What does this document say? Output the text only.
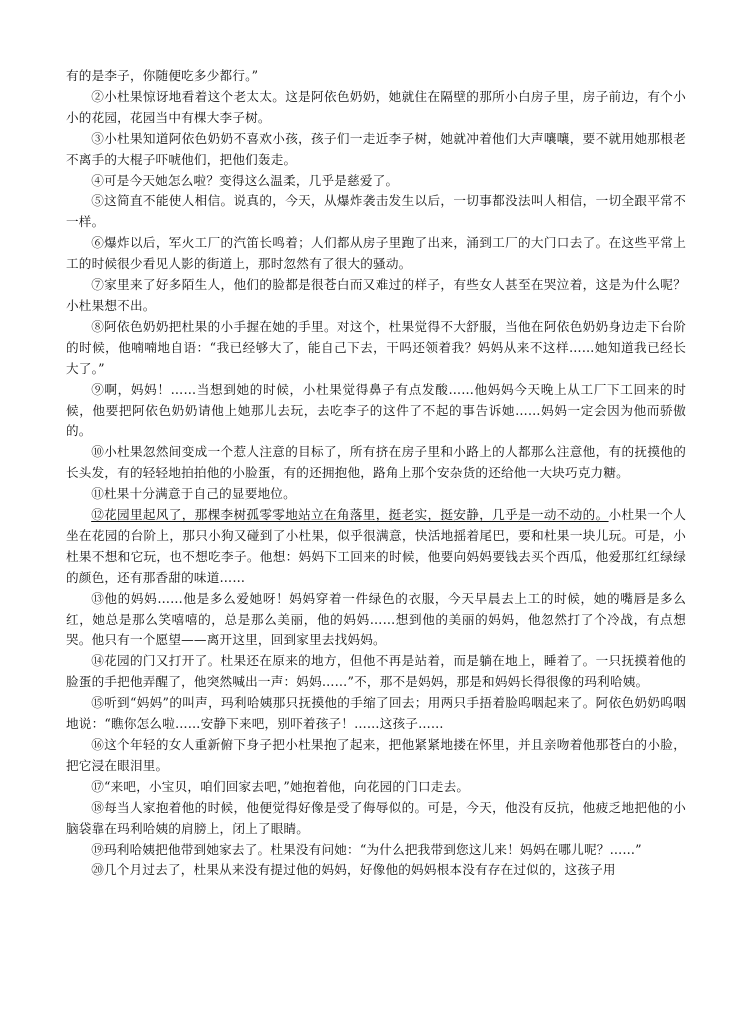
有的是李子，你随便吃多少都行。”

②小杜果惊讶地看着这个老太太。这是阿依色奶奶，她就住在隔壁的那所小白房子里，房子前边，有个小小的花园，花园当中有棵大李子树。

③小杜果知道阿依色奶奶不喜欢小孩，孩子们一走近李子树，她就冲着他们大声嚷嚷，要不就用她那根老不离手的大棍子吓唬他们，把他们轰走。

④可是今天她怎么啦？变得这么温柔，几乎是慈爱了。

⑤这简直不能使人相信。说真的，今天，从爆炸袭击发生以后，一切事都没法叫人相信，一切全跟平常不一样。

⑥爆炸以后，军火工厂的汽笛长鸣着；人们都从房子里跑了出来，涌到工厂的大门口去了。在这些平常上工的时候很少看见人影的街道上，那时忽然有了很大的骚动。

⑦家里来了好多陌生人，他们的脸都是很苍白而又难过的样子，有些女人甚至在哭泣着，这是为什么呢？小杜果想不出。

⑧阿依色奶奶把杜果的小手握在她的手里。对这个，杜果觉得不大舒服，当他在阿依色奶奶身边走下台阶的时候，他喃喃地自语：“我已经够大了，能自己下去，干吗还领着我？妈妈从来不这样……她知道我已经长大了。”

⑨啊，妈妈！……当想到她的时候，小杜果觉得鼻子有点发酸……他妈妈今天晚上从工厂下工回来的时候，他要把阿依色奶奶请他上她那儿去玩，去吃李子的这件了不起的事告诉她……妈妈一定会因为他而骄傲的。

⑩小杜果忽然间变成一个惹人注意的目标了，所有挤在房子里和小路上的人都那么注意他，有的抚摸他的长头发，有的轻轻地拍拍他的小脸蛋，有的还拥抱他，路角上那个安杂货的还给他一大块巧克力糖。

⑪杜果十分满意于自己的显要地位。

⑫花园里起风了，那棵李树孤零零地站立在角落里，挺老实，挺安静，几乎是一动不动的。小杜果一个人坐在花园的台阶上，那只小狗又碰到了小杜果，似乎很满意，快活地摇着尾巴，要和杜果一块儿玩。可是，小杜果不想和它玩，也不想吃李子。他想：妈妈下工回来的时候，他要向妈妈要钱去买个西瓜，他爱那红红绿绿的颜色，还有那香甜的味道……

⑬他的妈妈……他是多么爱她呀！妈妈穿着一件绿色的衣服，今天早晨去上工的时候，她的嘴唇是多么红，她总是那么笑嘻嘻的，总是那么美丽，他的妈妈……想到他的美丽的妈妈，他忽然打了个冷战，有点想哭。他只有一个愿望——离开这里，回到家里去找妈妈。

⑭花园的门又打开了。杜果还在原来的地方，但他不再是站着，而是躺在地上，睡着了。一只抚摸着他的脸蛋的手把他弄醒了，他突然喊出一声：妈妈……”不，那不是妈妈，那是和妈妈长得很像的玛利哈姨。

⑮听到“妈妈”的叫声，玛利哈姨那只抚摸他的手缩了回去；用两只手捂着脸呜咽起来了。阿依色奶奶呜咽地说：“瞧你怎么啦……安静下来吧，别吓着孩子！……这孩子……

⑯这个年轻的女人重新俯下身子把小杜果抱了起来，把他紧紧地搂在怀里，并且亲吻着他那苍白的小脸，把它浸在眼泪里。

⑰“来吧，小宝贝，咱们回家去吧，”她抱着他，向花园的门口走去。

⑱每当人家抱着他的时候，他便觉得好像是受了侮辱似的。可是，今天，他没有反抗，他疲乏地把他的小脑袋靠在玛利哈姨的肩膀上，闭上了眼睛。

⑲玛利哈姨把他带到她家去了。杜果没有问她：“为什么把我带到您这儿来！妈妈在哪儿呢？……”

⑳几个月过去了，杜果从来没有提过他的妈妈，好像他的妈妈根本没有存在过似的，这孩子用
